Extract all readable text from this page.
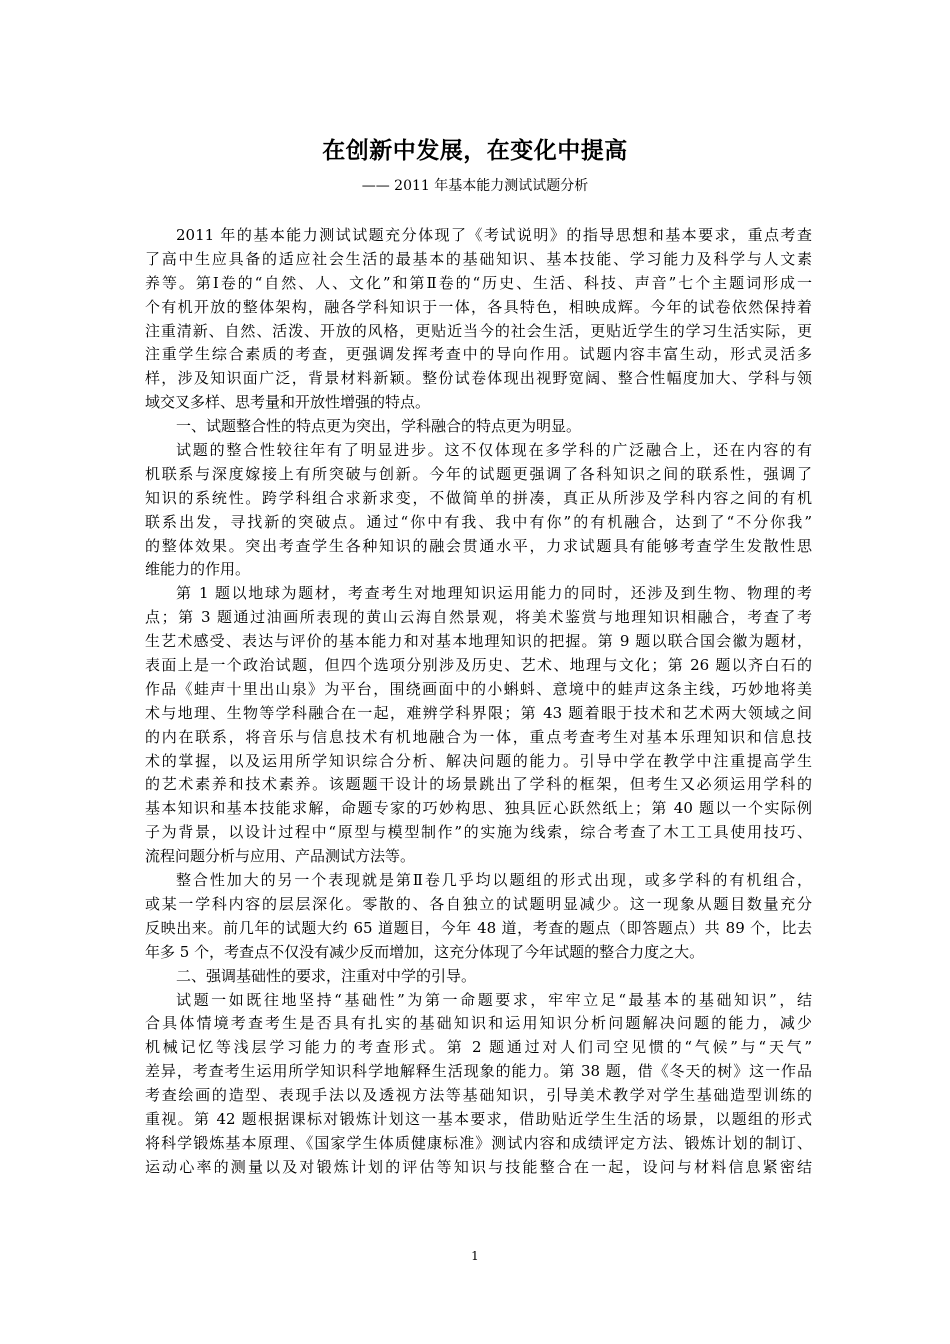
在创新中发展，在变化中提高
—— 2011 年基本能力测试试题分析
2011 年的基本能力测试试题充分体现了《考试说明》的指导思想和基本要求，重点考查
了高中生应具备的适应社会生活的最基本的基础知识、基本技能、学习能力及科学与人文素
养等。第Ⅰ卷的“自然、人、文化”和第Ⅱ卷的“历史、生活、科技、声音”七个主题词形成一
个有机开放的整体架构，融各学科知识于一体，各具特色，相映成辉。今年的试卷依然保持着
注重清新、自然、活泼、开放的风格，更贴近当今的社会生活，更贴近学生的学习生活实际，更
注重学生综合素质的考查，更强调发挥考查中的导向作用。试题内容丰富生动，形式灵活多
样，涉及知识面广泛，背景材料新颖。整份试卷体现出视野宽阔、整合性幅度加大、学科与领
域交叉多样、思考量和开放性增强的特点。
一、试题整合性的特点更为突出，学科融合的特点更为明显。
试题的整合性较往年有了明显进步。这不仅体现在多学科的广泛融合上，还在内容的有
机联系与深度嫁接上有所突破与创新。今年的试题更强调了各科知识之间的联系性，强调了
知识的系统性。跨学科组合求新求变，不做简单的拼凑，真正从所涉及学科内容之间的有机
联系出发，寻找新的突破点。通过“你中有我、我中有你”的有机融合，达到了“不分你我”
的整体效果。突出考查学生各种知识的融会贯通水平，力求试题具有能够考查学生发散性思
维能力的作用。
第 1 题以地球为题材，考查考生对地理知识运用能力的同时，还涉及到生物、物理的考
点；第 3 题通过油画所表现的黄山云海自然景观，将美术鉴赏与地理知识相融合，考查了考
生艺术感受、表达与评价的基本能力和对基本地理知识的把握。第 9 题以联合国会徽为题材，
表面上是一个政治试题，但四个选项分别涉及历史、艺术、地理与文化；第 26 题以齐白石的
作品《蛙声十里出山泉》为平台，围绕画面中的小蝌蚪、意境中的蛙声这条主线，巧妙地将美
术与地理、生物等学科融合在一起，难辨学科界限；第 43 题着眼于技术和艺术两大领域之间
的内在联系，将音乐与信息技术有机地融合为一体，重点考查考生对基本乐理知识和信息技
术的掌握，以及运用所学知识综合分析、解决问题的能力。引导中学在教学中注重提高学生
的艺术素养和技术素养。该题题干设计的场景跳出了学科的框架，但考生又必须运用学科的
基本知识和基本技能求解，命题专家的巧妙构思、独具匠心跃然纸上；第 40 题以一个实际例
子为背景，以设计过程中“原型与模型制作”的实施为线索，综合考查了木工工具使用技巧、
流程问题分析与应用、产品测试方法等。
整合性加大的另一个表现就是第Ⅱ卷几乎均以题组的形式出现，或多学科的有机组合，
或某一学科内容的层层深化。零散的、各自独立的试题明显减少。这一现象从题目数量充分
反映出来。前几年的试题大约 65 道题目，今年 48 道，考查的题点（即答题点）共 89 个，比去
年多 5 个，考查点不仅没有减少反而增加，这充分体现了今年试题的整合力度之大。
二、强调基础性的要求，注重对中学的引导。
试题一如既往地坚持“基础性”为第一命题要求，牢牢立足“最基本的基础知识”，结
合具体情境考查考生是否具有扎实的基础知识和运用知识分析问题解决问题的能力，减少
机械记忆等浅层学习能力的考查形式。第 2 题通过对人们司空见惯的“气候”与“天气”
差异，考查考生运用所学知识科学地解释生活现象的能力。第 38 题，借《冬天的树》这一作品
考查绘画的造型、表现手法以及透视方法等基础知识，引导美术教学对学生基础造型训练的
重视。第 42 题根据课标对锻炼计划这一基本要求，借助贴近学生生活的场景，以题组的形式
将科学锻炼基本原理、《国家学生体质健康标准》测试内容和成绩评定方法、锻炼计划的制订、
运动心率的测量以及对锻炼计划的评估等知识与技能整合在一起，设问与材料信息紧密结
1
